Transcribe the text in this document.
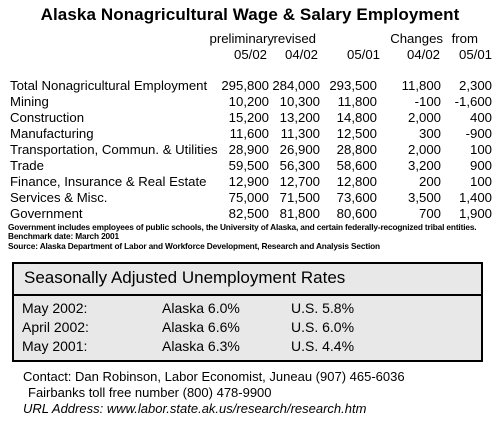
Alaska Nonagricultural Wage & Salary Employment
preliminary revised	Changes from
05/02 04/02 05/01 04/02 05/01
Total Nonagricultural Employment 295,800 284,000 293,500 11,800 2,300
Mining	10,200 10,300 11,800	-100 -1,600
Construction	15,200 13,200 14,800 2,000 400
Manufacturing	11,600 11,300 12,500	300 -900
Transportation, Commun. & Utilities 28,900 26,900 28,800 2,000 100
Trade	59,500 56,300 58,600 3,200 900
Finance, Insurance & Real Estate 12,900 12,700 12,800	200 100
Services & Misc.	75,000 71,500 73,600 3,500 1,400
Government	82,500 81,800 80,600	700 1,900
Government includes employees of public schools, the University of Alaska, and certain federally-recognized tribal entities.
Benchmark date: March 2001
Source: Alaska Department of Labor and Workforce Development, Research and Analysis Section
Seasonally Adjusted Unemployment Rates
May 2002:	Alaska 6.0%	U.S. 5.8%
April 2002:	Alaska 6.6%	U.S. 6.0%
May 2001:	Alaska 6.3%	U.S. 4.4%
Contact: Dan Robinson, Labor Economist, Juneau (907) 465-6036
Fairbanks toll free number (800) 478-9900
URL Address: www.labor.state.ak.us/research/research.htm
